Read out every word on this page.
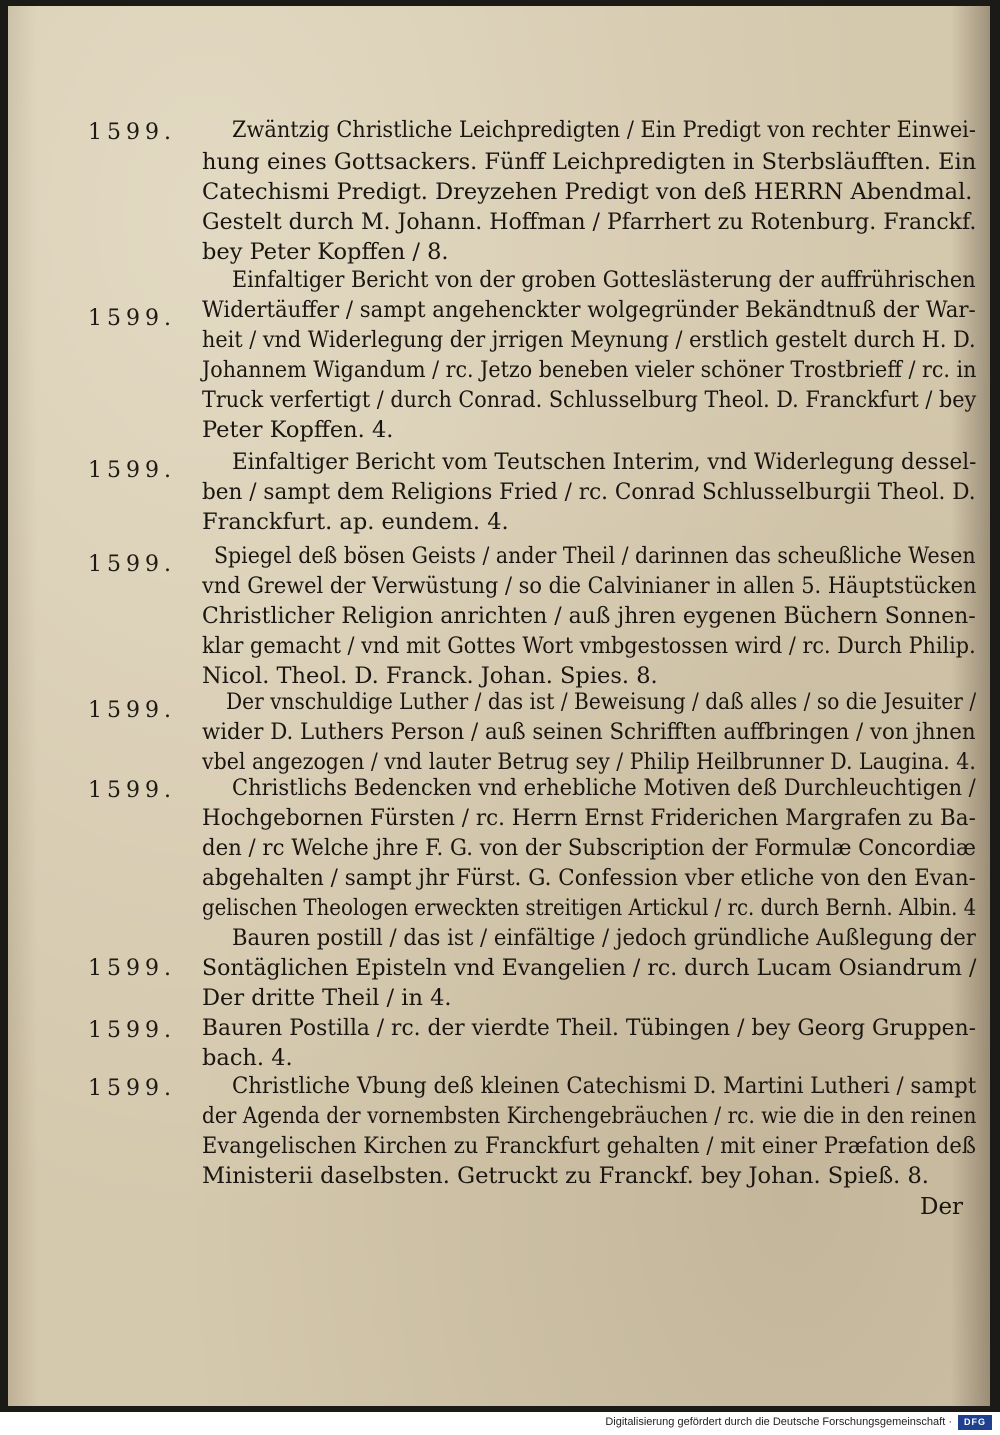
1599. Zwäntzig Christliche Leichpredigten / Ein Predigt von rechter Einwei-
hung eines Gottsackers. Fünff Leichpredigten in Sterbsläufften. Ein
Catechismi Predigt. Dreyzehen Predigt von deß HERRN Abendmal.
Gestelt durch M. Johann. Hoffman / Pfarrhert zu Rotenburg. Franckf.
bey Peter Kopffen / 8.
1599.
Einfaltiger Bericht von der groben Gotteslästerung der auffrührischen
Widertäuffer / sampt angehenckter wolgegründer Bekändtnuß der War-
heit / vnd Widerlegung der jrrigen Meynung / erstlich gestelt durch H. D.
Johannem Wigandum / rc. Jetzo beneben vieler schöner Trostbrieff / rc. in
Truck verfertigt / durch Conrad. Schlusselburg Theol. D. Franckfurt / bey
Peter Kopffen. 4.
1599. Einfaltiger Bericht vom Teutschen Interim, vnd Widerlegung dessel-
ben / sampt dem Religions Fried / rc. Conrad Schlusselburgii Theol. D.
Franckfurt. ap. eundem. 4.
1599. Spiegel deß bösen Geists / ander Theil / darinnen das scheußliche Wesen
vnd Grewel der Verwüstung / so die Calvinianer in allen 5. Häuptstücken
Christlicher Religion anrichten / auß jhren eygenen Büchern Sonnen-
klar gemacht / vnd mit Gottes Wort vmbgestossen wird / rc. Durch Philip.
Nicol. Theol. D. Franck. Johan. Spies. 8.
1599. Der vnschuldige Luther / das ist / Beweisung / daß alles / so die Jesuiter /
wider D. Luthers Person / auß seinen Schrifften auffbringen / von jhnen
vbel angezogen / vnd lauter Betrug sey / Philip Heilbrunner D. Laugina. 4.
1599. Christlichs Bedencken vnd erhebliche Motiven deß Durchleuchtigen /
Hochgebornen Fürsten / rc. Herrn Ernst Friderichen Margrafen zu Ba-
den / rc Welche jhre F. G. von der Subscription der Formulæ Concordiæ
abgehalten / sampt jhr Fürst. G. Confession vber etliche von den Evan-
gelischen Theologen erweckten streitigen Artickul / rc. durch Bernh. Albin. 4
1599.
Bauren postill / das ist / einfältige / jedoch gründliche Außlegung der
Sontäglichen Episteln vnd Evangelien / rc. durch Lucam Osiandrum /
Der dritte Theil / in 4.
1599. Bauren Postilla / rc. der vierdte Theil. Tübingen / bey Georg Gruppen-
bach. 4.
1599. Christliche Vbung deß kleinen Catechismi D. Martini Lutheri / sampt
der Agenda der vornembsten Kirchengebräuchen / rc. wie die in den reinen
Evangelischen Kirchen zu Franckfurt gehalten / mit einer Præfation deß
Ministerii daselbsten. Getruckt zu Franckf. bey Johan. Spieß. 8.
Der
Digitalisierung gefördert durch die Deutsche Forschungsgemeinschaft ·	DFG
